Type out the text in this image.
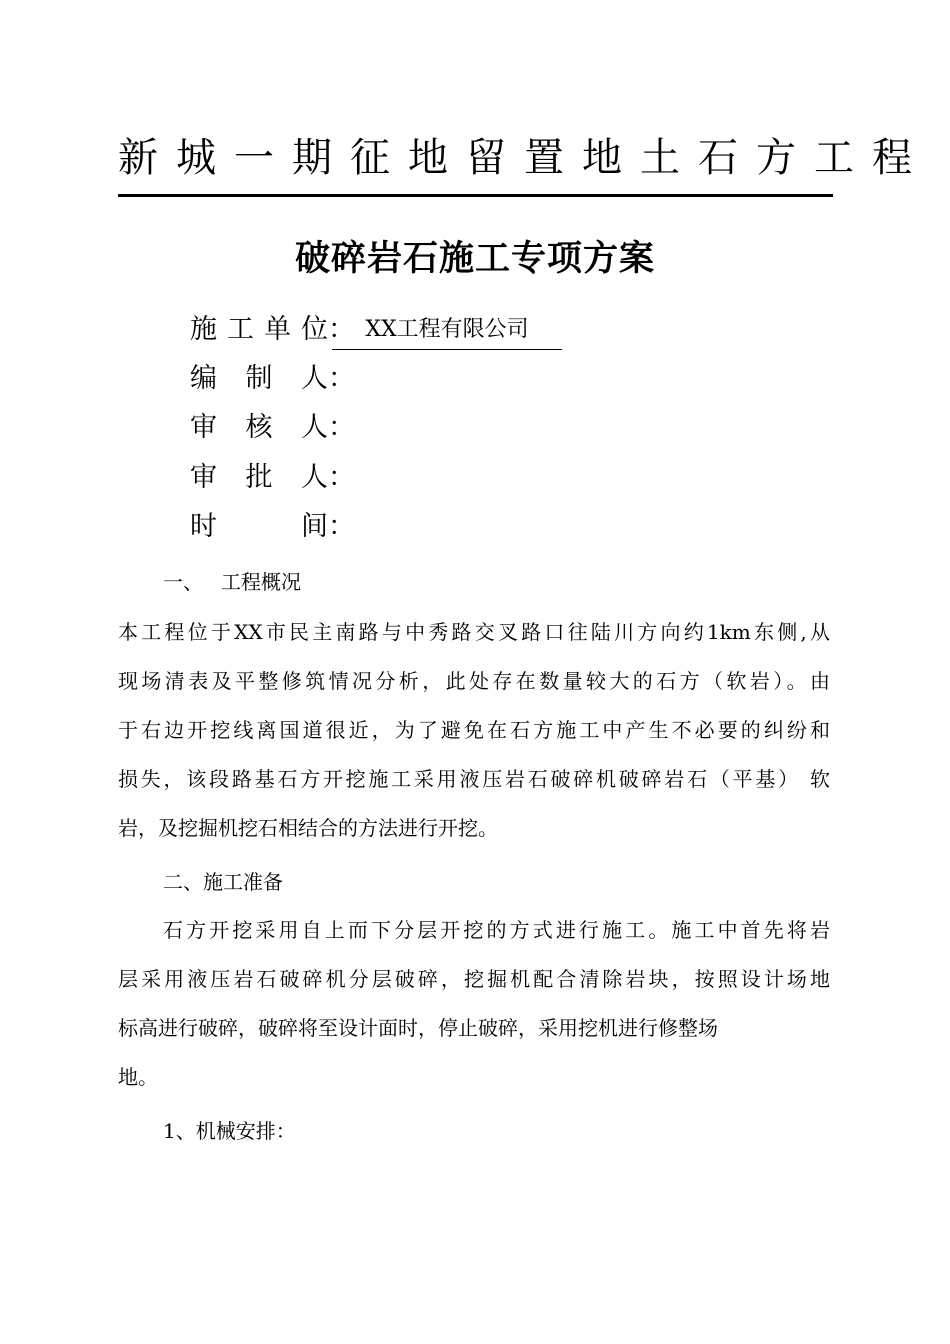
新城一期征地留置地土石方工程
破碎岩石施工专项方案
施工单位： XX工程有限公司
编制人：
审核人：
审批人：
时间：
一、 工程概况
本工程位于XX市民主南路与中秀路交叉路口往陆川方向约1km东侧,从
现场清表及平整修筑情况分析，此处存在数量较大的石方（软岩）。由
于右边开挖线离国道很近，为了避免在石方施工中产生不必要的纠纷和
损失，该段路基石方开挖施工采用液压岩石破碎机破碎岩石（平基） 软
岩，及挖掘机挖石相结合的方法进行开挖。
二、施工准备
石方开挖采用自上而下分层开挖的方式进行施工。施工中首先将岩
层采用液压岩石破碎机分层破碎，挖掘机配合清除岩块，按照设计场地
标高进行破碎，破碎将至设计面时，停止破碎，采用挖机进行修整场
地。
1、机械安排：
